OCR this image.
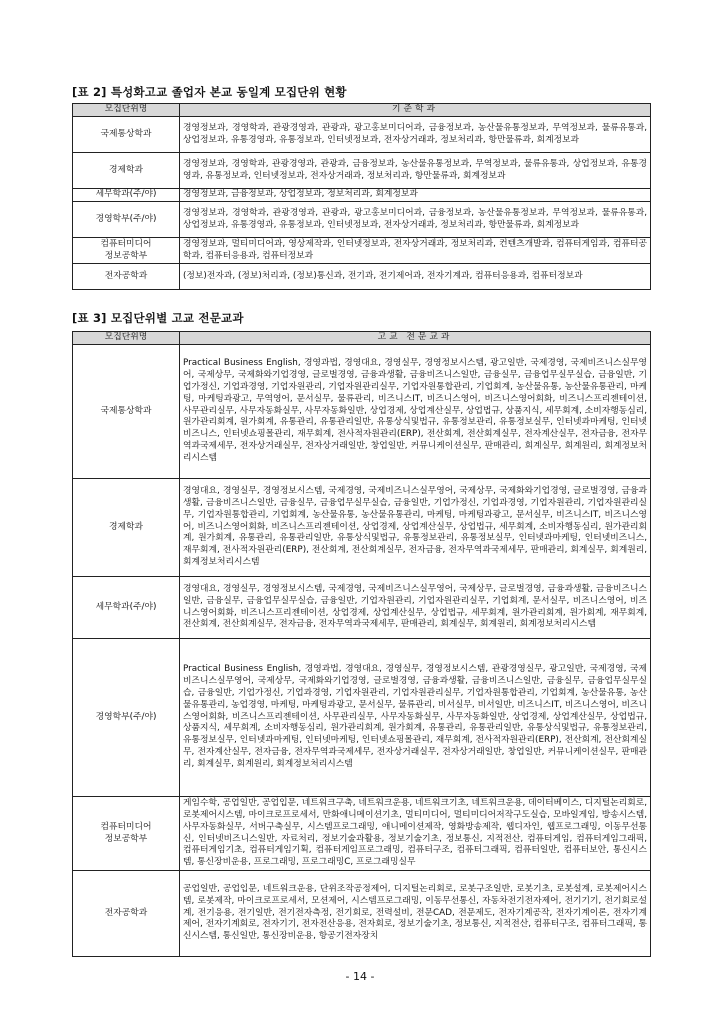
[표 2] 특성화고교 졸업자 본교 동일계 모집단위 현황
모집단위명	기준학과
국제통상학과	경영정보과, 경영학과, 관광경영과, 관광과, 광고홍보미디어과, 금융정보과, 농산물유통정보과, 무역정보과, 물류유통과, 상업정보과, 유통경영과, 유통정보과, 인터넷정보과, 전자상거래과, 정보처리과, 항만물류과, 회계정보과
경제학과	경영정보과, 경영학과, 관광경영과, 관광과, 금융정보과, 농산물유통정보과, 무역정보과, 물류유통과, 상업정보과, 유통경영과, 유통정보과, 인터넷정보과, 전자상거래과, 정보처리과, 항만물류과, 회계정보과
세무학과(주/야)	경영정보과, 금융정보과, 상업정보과, 정보처리과, 회계정보과
경영학부(주/야)	경영정보과, 경영학과, 관광경영과, 관광과, 광고홍보미디어과, 금융정보과, 농산물유통정보과, 무역정보과, 물류유통과, 상업정보과, 유통경영과, 유통정보과, 인터넷정보과, 전자상거래과, 정보처리과, 항만물류과, 회계정보과
컴퓨터미디어
정보공학부	경영정보과, 멀티미디어과, 영상제작과, 인터넷정보과, 전자상거래과, 정보처리과, 컨텐츠개발과, 컴퓨터게임과, 컴퓨터공학과, 컴퓨터응용과, 컴퓨터정보과
전자공학과	(정보)전자과, (정보)처리과, (정보)통신과, 전기과, 전기제어과, 전자기계과, 컴퓨터응용과, 컴퓨터정보과
[표 3] 모집단위별 고교 전문교과
모집단위명	고교 전문교과
국제통상학과	Practical Business English, 경영과법, 경영대요, 경영실무, 경영정보시스템, 광고일반, 국제경영, 국제비즈니스실무영어, 국제상무, 국제화와기업경영, 글로벌경영, 금융과생활, 금융비즈니스일반, 금융실무, 금융업무실무실습, 금융일반, 기업가정신, 기업과경영, 기업자원관리, 기업자원관리실무, 기업자원통합관리, 기업회계, 농산물유통, 농산물유통관리, 마케팅, 마케팅과광고, 무역영어, 문서실무, 물류관리, 비즈니스IT, 비즈니스영어, 비즈니스영어회화, 비즈니스프리젠테이션, 사무관리실무, 사무자동화실무, 사무자동화일반, 상업경제, 상업계산실무, 상업법규, 상품지식, 세무회계, 소비자행동심리, 원가관리회계, 원가회계, 유통관리, 유통관리일반, 유통상식및법규, 유통정보관리, 유통정보실무, 인터넷과마케팅, 인터넷비즈니스, 인터넷쇼핑몰관리, 재무회계, 전사적자원관리(ERP), 전산회계, 전산회계실무, 전자계산실무, 전자금융, 전자무역과국제세무, 전자상거래실무, 전자상거래일반, 창업일반, 커뮤니케이션실무, 판매관리, 회계실무, 회계원리, 회계정보처리시스템
경제학과	경영대요, 경영실무, 경영정보시스템, 국제경영, 국제비즈니스실무영어, 국제상무, 국제화와기업경영, 글로벌경영, 금융과생활, 금융비즈니스일반, 금융실무, 금융업무실무실습, 금융일반, 기업가정신, 기업과경영, 기업자원관리, 기업자원관리실무, 기업자원통합관리, 기업회계, 농산물유통, 농산물유통관리, 마케팅, 마케팅과광고, 문서실무, 비즈니스IT, 비즈니스영어, 비즈니스영어회화, 비즈니스프리젠테이션, 상업경제, 상업계산실무, 상업법규, 세무회계, 소비자행동심리, 원가관리회계, 원가회계, 유통관리, 유통관리일반, 유통상식및법규, 유통정보관리, 유통정보실무, 인터넷과마케팅, 인터넷비즈니스, 재무회계, 전사적자원관리(ERP), 전산회계, 전산회계실무, 전자금융, 전자무역과국제세무, 판매관리, 회계실무, 회계원리, 회계정보처리시스템
세무학과(주/야)	경영대요, 경영실무, 경영정보시스템, 국제경영, 국제비즈니스실무영어, 국제상무, 글로벌경영, 금융과생활, 금융비즈니스일반, 금융실무, 금융업무실무실습, 금융일반, 기업자원관리, 기업자원관리실무, 기업회계, 문서실무, 비즈니스영어, 비즈니스영어회화, 비즈니스프리젠테이션, 상업경제, 상업계산실무, 상업법규, 세무회계, 원가관리회계, 원가회계, 재무회계, 전산회계, 전산회계실무, 전자금융, 전자무역과국제세무, 판매관리, 회계실무, 회계원리, 회계정보처리시스템
경영학부(주/야)	Practical Business English, 경영과법, 경영대요, 경영실무, 경영정보시스템, 관광경영실무, 광고일반, 국제경영, 국제비즈니스실무영어, 국제상무, 국제화와기업경영, 글로벌경영, 금융과생활, 금융비즈니스일반, 금융실무, 금융업무실무실습, 금융일반, 기업가정신, 기업과경영, 기업자원관리, 기업자원관리실무, 기업자원통합관리, 기업회계, 농산물유통, 농산물유통관리, 농업경영, 마케팅, 마케팅과광고, 문서실무, 물류관리, 비서실무, 비서일반, 비즈니스IT, 비즈니스영어, 비즈니스영어회화, 비즈니스프리젠테이션, 사무관리실무, 사무자동화실무, 사무자동화일반, 상업경제, 상업계산실무, 상업법규, 상품지식, 세무회계, 소비자행동심리, 원가관리회계, 원가회계, 유통관리, 유통관리일반, 유통상식및법규, 유통정보관리, 유통정보실무, 인터넷과마케팅, 인터넷마케팅, 인터넷쇼핑몰관리, 재무회계, 전사적자원관리(ERP), 전산회계, 전산회계실무, 전자계산실무, 전자금융, 전자무역과국제세무, 전자상거래실무, 전자상거래일반, 창업일반, 커뮤니케이션실무, 판매관리, 회계실무, 회계원리, 회계정보처리시스템
컴퓨터미디어
정보공학부	게임수학, 공업일반, 공업입문, 네트워크구축, 네트워크운용, 네트워크기초, 네트워크운용, 데이터베이스, 디지털논리회로, 로봇제어시스템, 마이크로프로세서, 만화애니메이션기초, 멀티미디어, 멀티미디어저작구도실습, 모바일게임, 방송시스템, 사무자동화실무, 서버구축실무, 시스템프로그래밍, 애니메이션제작, 영화방송제작, 웹디자인, 웹프로그래밍, 이동무선통신, 인터넷비즈니스일반, 자료처리, 정보기술과활용, 정보기술기초, 정보통신, 지적전산, 컴퓨터게임, 컴퓨터게임그래픽, 컴퓨터게임기초, 컴퓨터게임기획, 컴퓨터게임프로그래밍, 컴퓨터구조, 컴퓨터그래픽, 컴퓨터일반, 컴퓨터보안, 통신시스템, 통신장비운용, 프로그래밍, 프로그래밍C, 프로그래밍실무
전자공학과	공업일반, 공업입문, 네트워크운용, 단위조작공정제어, 디지털논리회로, 로봇구조일반, 로봇기초, 로봇설계, 로봇제어시스템, 로봇제작, 마이크로프로세서, 모션제어, 시스템프로그래밍, 이동무선통신, 자동차전기전자제어, 전기기기, 전기회로설계, 전기응용, 전기일반, 전기전자측정, 전기회로, 전력설비, 전문CAD, 전문제도, 전자기계공작, 전자기계이론, 전자기계제어, 전자기계회로, 전자기기, 전자전산응용, 전자회로, 정보기술기초, 정보통신, 지적전산, 컴퓨터구조, 컴퓨터그래픽, 통신시스템, 통신일반, 통신장비운용, 항공기전자장치
- 14 -
